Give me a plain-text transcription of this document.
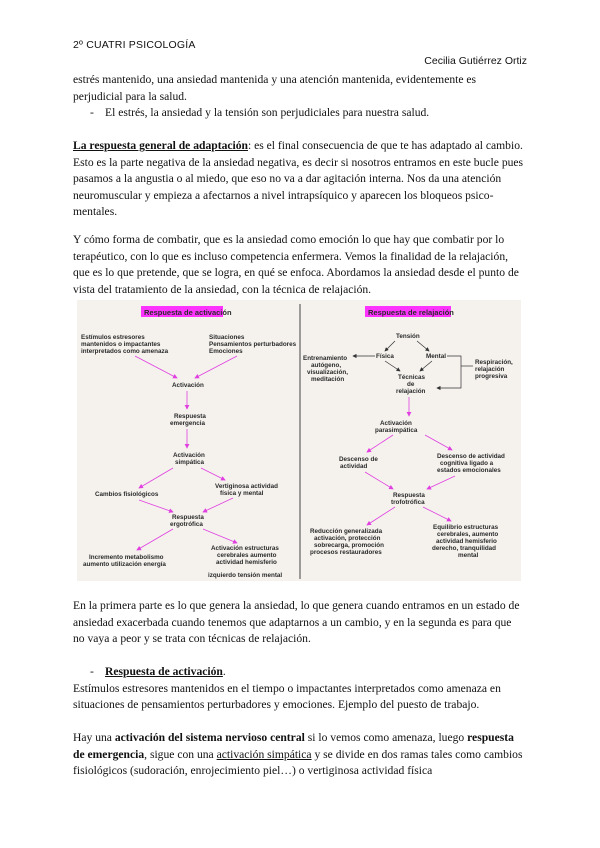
2º CUATRI PSICOLOGÍA
Cecilia Gutiérrez Ortiz

estrés mantenido, una ansiedad mantenida y una atención mantenida, evidentemente es

perjudicial para la salud.

- El estrés, la ansiedad y la tensión son perjudiciales para nuestra salud.

La respuesta general de adaptación: es el final consecuencia de que te has adaptado al cambio. Esto es la parte negativa de la ansiedad negativa, es decir si nosotros entramos en este bucle pues pasamos a la angustia o al miedo, que eso no va a dar agitación interna. Nos da una atención neuromuscular y empieza a afectarnos a nivel intrapsíquico y aparecen los bloqueos psico-mentales.

Y cómo forma de combatir, que es la ansiedad como emoción lo que hay que combatir por lo terapéutico, con lo que es incluso competencia enfermera. Vemos la finalidad de la relajación, que es lo que pretende, que se logra, en qué se enfoca. Abordamos la ansiedad desde el punto de vista del tratamiento de la ansiedad, con la técnica de relajación.

Respuesta de activación
Estímulos estresores
mantenidos o impactantes
interpretados como amenaza
Situaciones
Pensamientos perturbadores
Emociones
Activación
Respuesta
emergencia
Activación
simpática
Cambios fisiológicos
Vertiginosa actividad
física y mental
Respuesta
ergotrófica
Incremento metabolismo
aumento utilización energía
Activación estructuras
cerebrales aumento
actividad hemisferio
izquierdo tensión mental
Respuesta de relajación
Tensión
Física	Mental
Entrenamiento
autógeno,
visualización,
meditación	Técnicas
de
relajación
Respiración,
relajación
progresiva
Activación
parasimpática
Descenso de
actividad
Descenso de actividad
cognitiva ligado a
estados emocionales
Respuesta
trofotrófica
Reducción generalizada
activación, protección
sobrecarga, promoción
procesos restauradores
Equilibrio estructuras
cerebrales, aumento
actividad hemisferio
derecho, tranquilidad
mental

En la primera parte es lo que genera la ansiedad, lo que genera cuando entramos en un estado de ansiedad exacerbada cuando tenemos que adaptarnos a un cambio, y en la segunda es para que no vaya a peor y se trata con técnicas de relajación.

- Respuesta de activación.

Estímulos estresores mantenidos en el tiempo o impactantes interpretados como amenaza en situaciones de pensamientos perturbadores y emociones. Ejemplo del puesto de trabajo.

Hay una activación del sistema nervioso central si lo vemos como amenaza, luego respuesta de emergencia, sigue con una activación simpática y se divide en dos ramas tales como cambios fisiológicos (sudoración, enrojecimiento piel…) o vertiginosa actividad física
